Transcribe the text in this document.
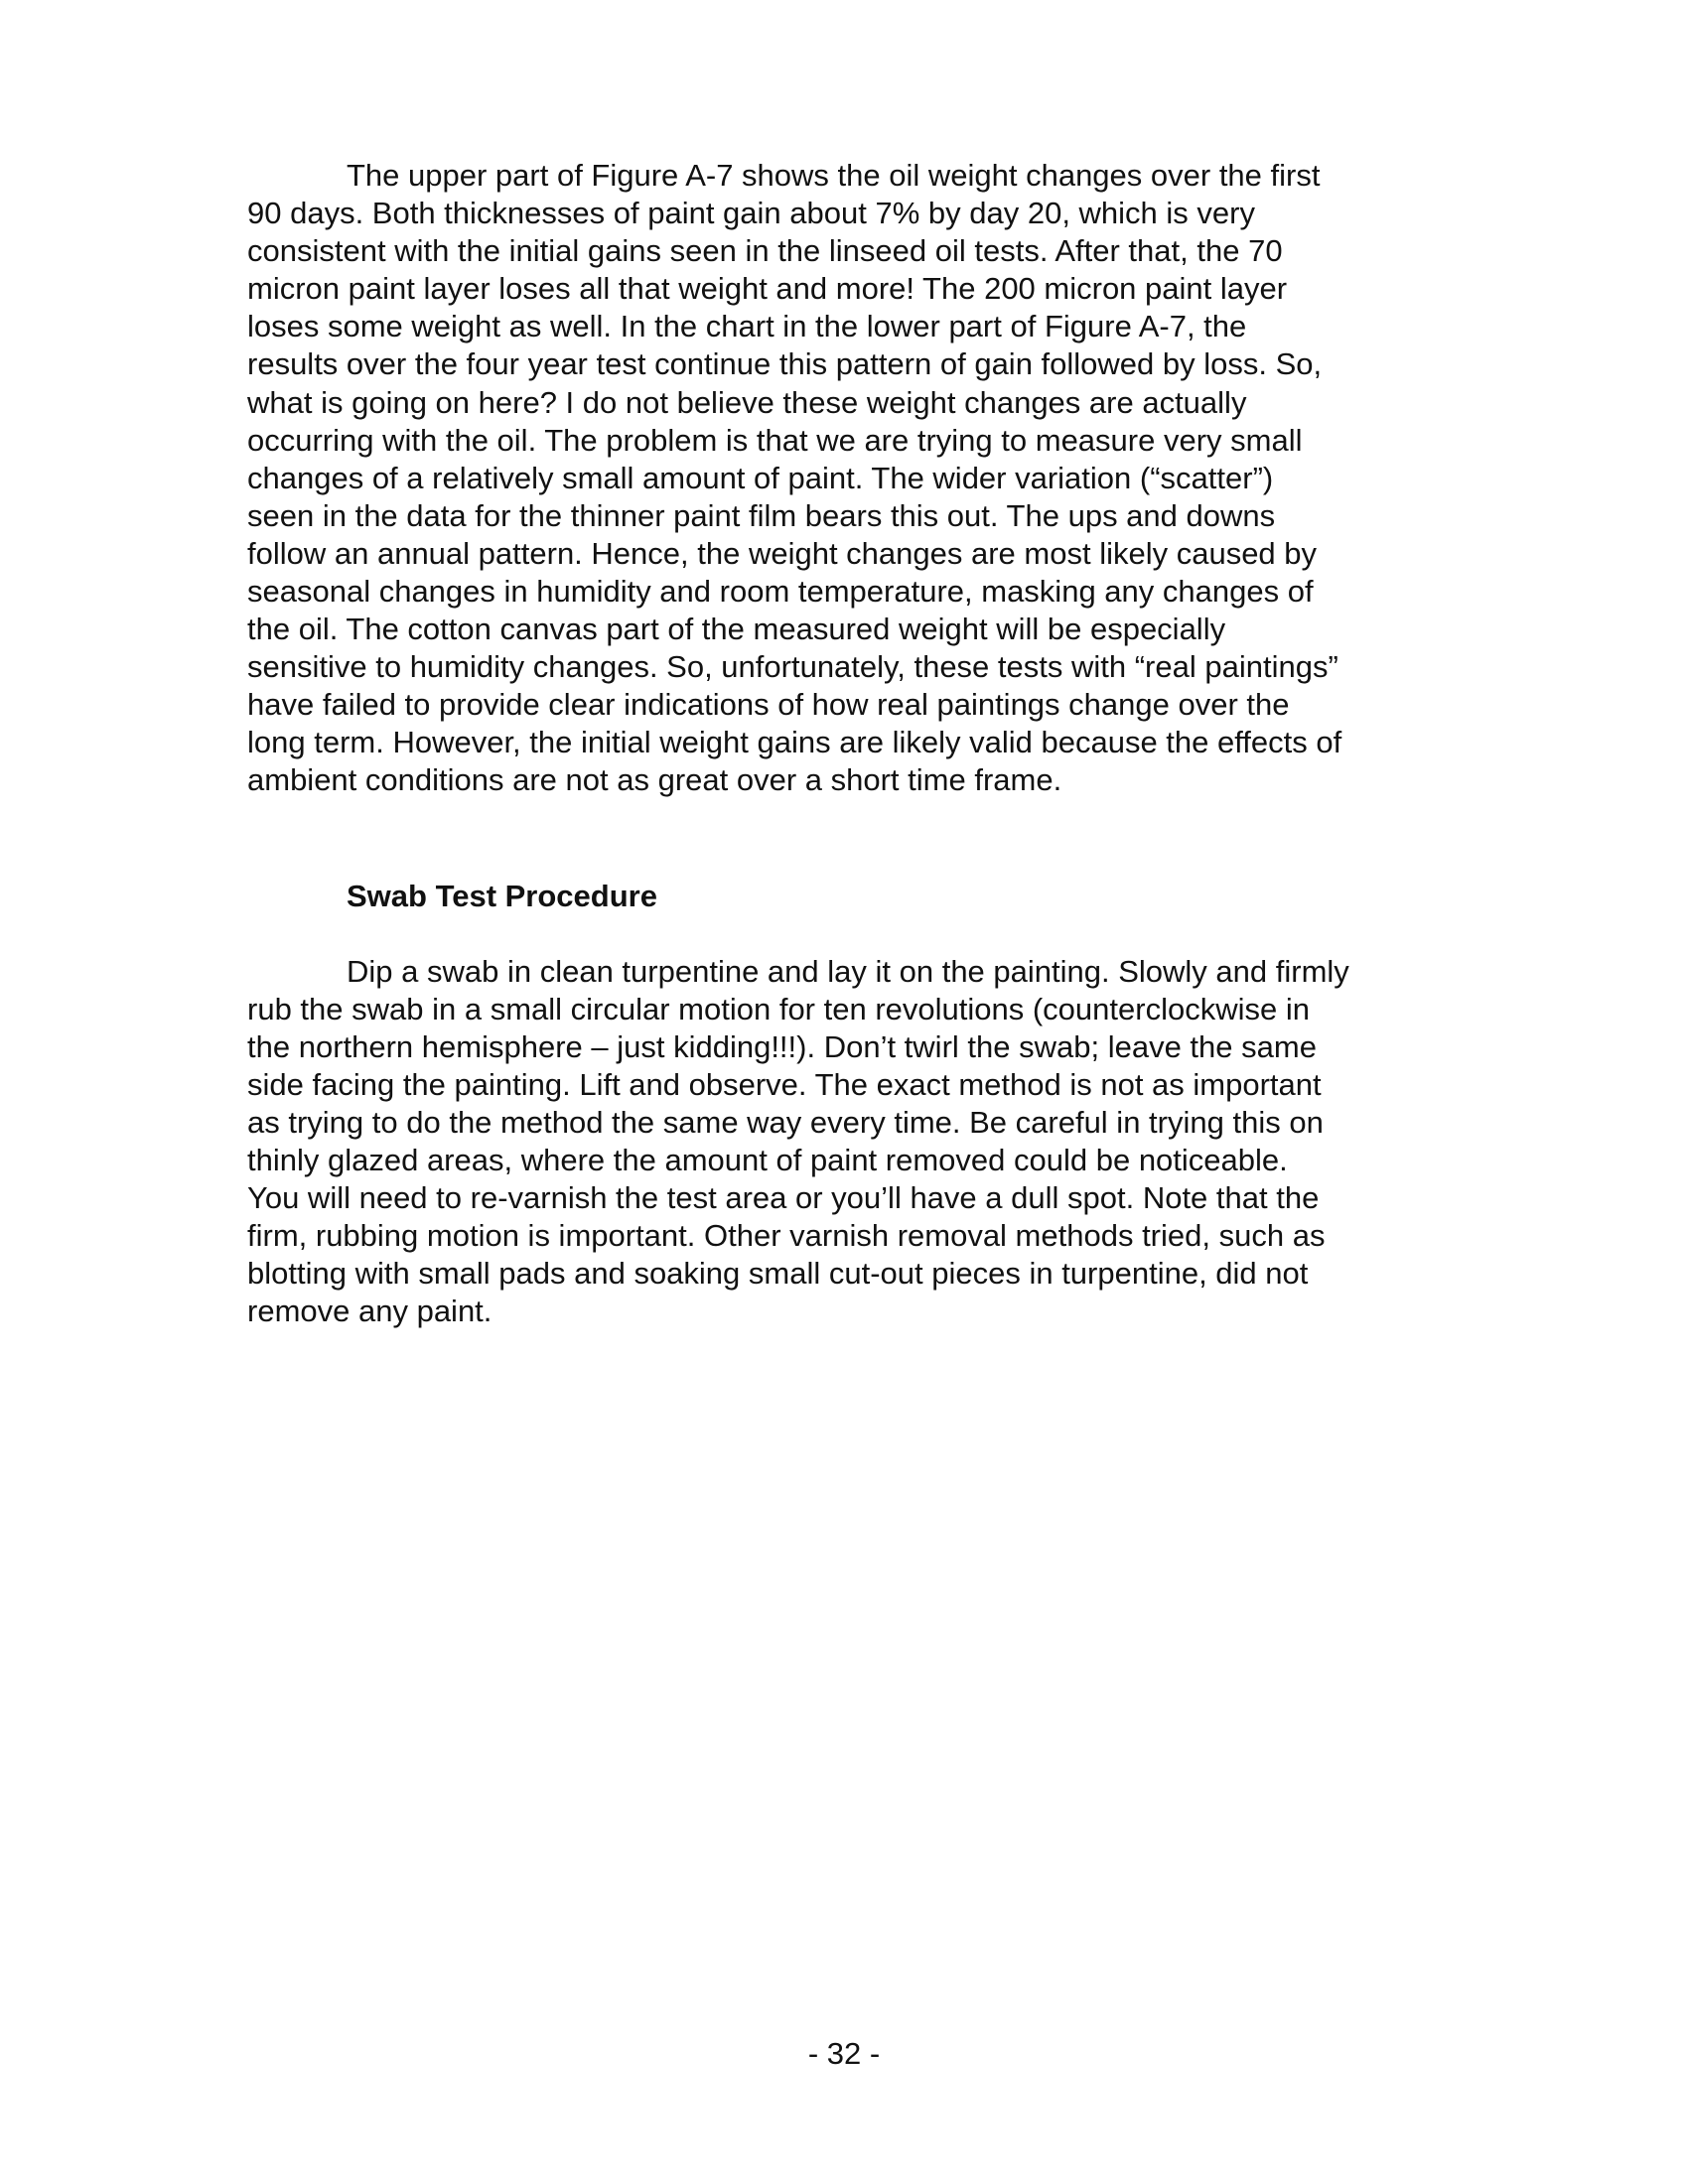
The upper part of Figure A-7 shows the oil weight changes over the first

90 days. Both thicknesses of paint gain about 7% by day 20, which is very

consistent with the initial gains seen in the linseed oil tests. After that, the 70

micron paint layer loses all that weight and more! The 200 micron paint layer

loses some weight as well. In the chart in the lower part of Figure A-7, the

results over the four year test continue this pattern of gain followed by loss. So,

what is going on here? I do not believe these weight changes are actually

occurring with the oil. The problem is that we are trying to measure very small

changes of a relatively small amount of paint. The wider variation (“scatter”)

seen in the data for the thinner paint film bears this out. The ups and downs

follow an annual pattern. Hence, the weight changes are most likely caused by

seasonal changes in humidity and room temperature, masking any changes of

the oil. The cotton canvas part of the measured weight will be especially

sensitive to humidity changes. So, unfortunately, these tests with “real paintings”

have failed to provide clear indications of how real paintings change over the

long term. However, the initial weight gains are likely valid because the effects of

ambient conditions are not as great over a short time frame.

Swab Test Procedure

Dip a swab in clean turpentine and lay it on the painting. Slowly and firmly

rub the swab in a small circular motion for ten revolutions (counterclockwise in

the northern hemisphere – just kidding!!!). Don’t twirl the swab; leave the same

side facing the painting. Lift and observe. The exact method is not as important

as trying to do the method the same way every time. Be careful in trying this on

thinly glazed areas, where the amount of paint removed could be noticeable.

You will need to re-varnish the test area or you’ll have a dull spot. Note that the

firm, rubbing motion is important. Other varnish removal methods tried, such as

blotting with small pads and soaking small cut-out pieces in turpentine, did not

remove any paint.

- 32 -
